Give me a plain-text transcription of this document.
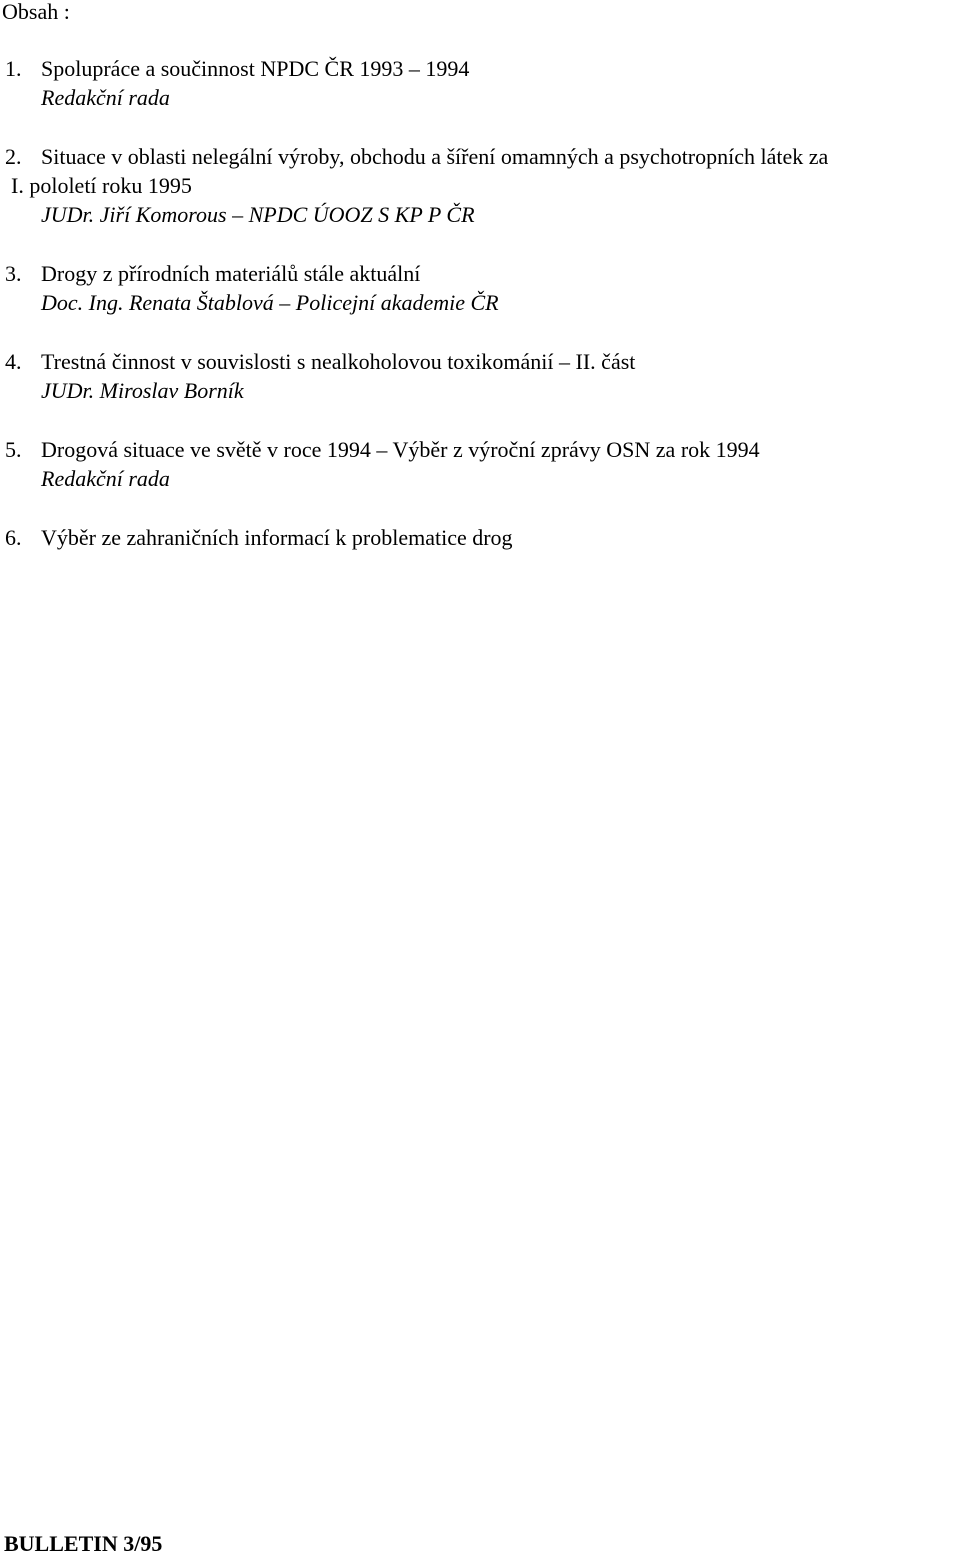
Obsah :
1. Spolupráce a součinnost NPDC ČR 1993 – 1994
Redakční rada
2. Situace v oblasti nelegální výroby, obchodu a šíření omamných a psychotropních látek za
I. pololetí roku 1995
JUDr. Jiří Komorous – NPDC ÚOOZ S KP P ČR
3. Drogy z přírodních materiálů stále aktuální
Doc. Ing. Renata Štablová – Policejní akademie ČR
4. Trestná činnost v souvislosti s nealkoholovou toxikománií – II. část
JUDr. Miroslav Borník
5. Drogová situace ve světě v roce 1994 – Výběr z výroční zprávy OSN za rok 1994
Redakční rada
6. Výběr ze zahraničních informací k problematice drog

BULLETIN 3/95
